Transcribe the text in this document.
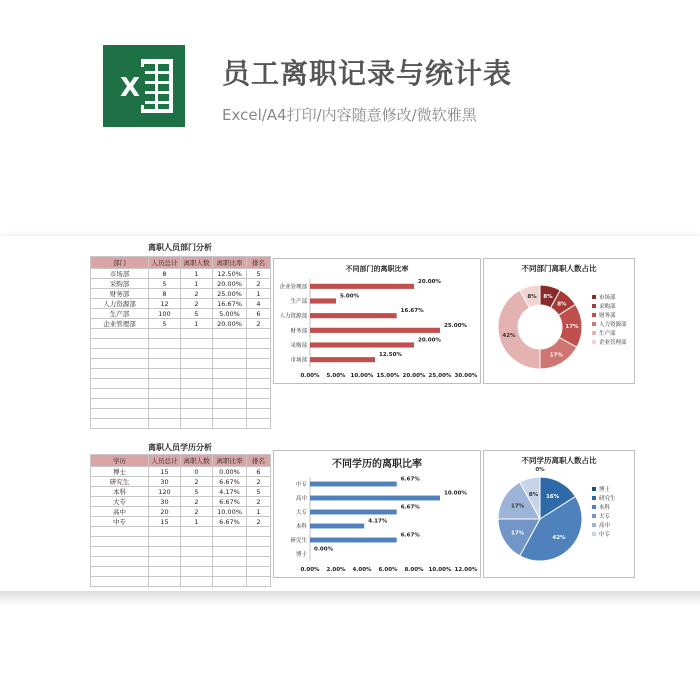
X	员工离职记录与统计表
Excel/A4打印/内容随意修改/微软雅黑
离职人员部门分析
部门	人员总计	离职人数	离职比率	排名
市场部	8	1	12.50%	5
采购部	5	1	20.00%	2
财务部	8	2	25.00%	1
人力资源部	12	2	16.67%	4
生产部	100	5	5.00%	6
企业管理部	5	1	20.00%	2

离职人员学历分析
学历	人员总计	离职人数	离职比率	排名
博士	15	0	0.00%	6
研究生	30	2	6.67%	2
本科	120	5	4.17%	5
大专	30	2	6.67%	2
高中	20	2	10.00%	1
中专	15	1	6.67%	2

不同部门的离职比率
企业管理部
20.00%
生产部
5.00%
人力资源部
16.67%
财务部
25.00%
采购部
20.00%
市场部
12.50%
0.00% 5.00% 10.00% 15.00% 20.00% 25.00% 30.00%
不同部门离职人数占比
8%
8%
17%
17%
42%
8%	市场部
采购部
财务部
人力资源部
生产部
企业管理部
不同学历的离职比率
中专
6.67%
高中
10.00%
大专
6.67%
本科
4.17%
研究生
6.67%
博士
0.00%
0.00% 2.00% 4.00% 6.00% 8.00% 10.00% 12.00%
不同学历离职人数占比
0%
16%
42%
17%
17%
8%
博士
研究生
本科
大专
高中
中专
